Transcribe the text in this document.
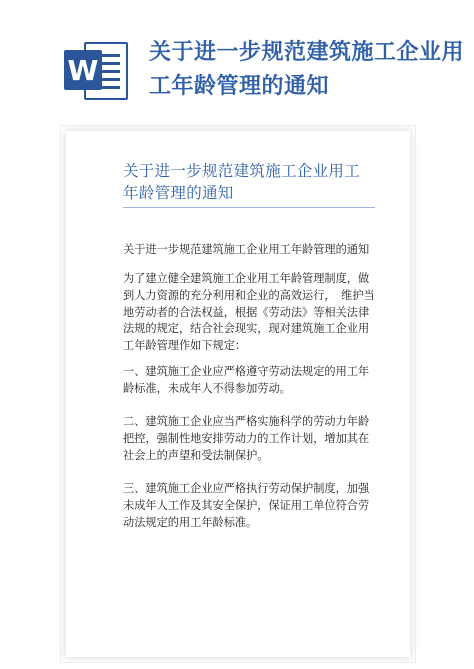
W
关于进一步规范建筑施工企业用工年龄管理的通知
关于进一步规范建筑施工企业用工年龄管理的通知
关于进一步规范建筑施工企业用工年龄管理的通知
为了建立健全建筑施工企业用工年龄管理制度，做到人力资源的充分利用和企业的高效运行，　维护当地劳动者的合法权益，根据《劳动法》等相关法律法规的规定，结合社会现实，现对建筑施工企业用工年龄管理作如下规定：
一、建筑施工企业应严格遵守劳动法规定的用工年龄标准，未成年人不得参加劳动。
二、建筑施工企业应当严格实施科学的劳动力年龄把控，强制性地安排劳动力的工作计划，增加其在社会上的声望和受法制保护。
三、建筑施工企业应严格执行劳动保护制度，加强未成年人工作及其安全保护，保证用工单位符合劳动法规定的用工年龄标准。
